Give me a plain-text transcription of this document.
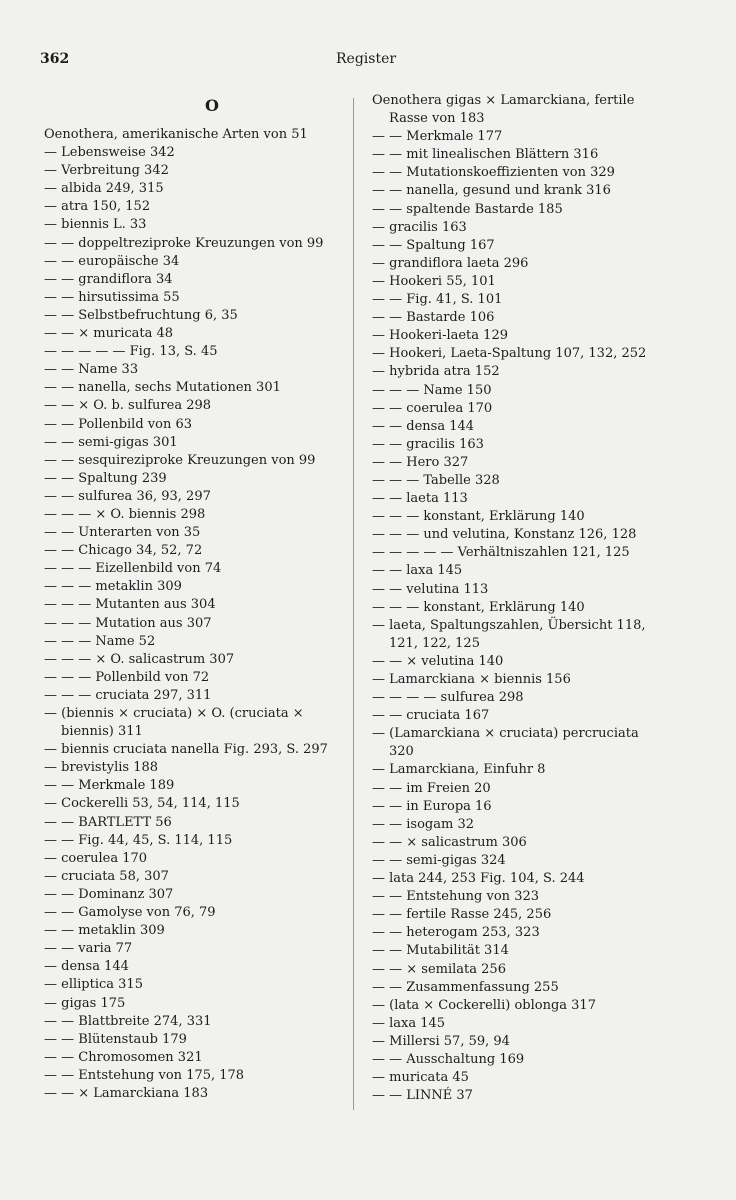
362	Register
O
Oenothera, amerikanische Arten von 51
— Lebensweise 342
— Verbreitung 342
— albida 249, 315
— atra 150, 152
— biennis L. 33
— — doppeltreziproke Kreuzungen von 99
— — europäische 34
— — grandiflora 34
— — hirsutissima 55
— — Selbstbefruchtung 6, 35
— — × muricata 48
— — — — — Fig. 13, S. 45
— — Name 33
— — nanella, sechs Mutationen 301
— — × O. b. sulfurea 298
— — Pollenbild von 63
— — semi-gigas 301
— — sesquireziproke Kreuzungen von 99
— — Spaltung 239
— — sulfurea 36, 93, 297
— — — × O. biennis 298
— — Unterarten von 35
— — Chicago 34, 52, 72
— — — Eizellenbild von 74
— — — metaklin 309
— — — Mutanten aus 304
— — — Mutation aus 307
— — — Name 52
— — — × O. salicastrum 307
— — — Pollenbild von 72
— — — cruciata 297, 311
— (biennis × cruciata) × O. (cruciata ×
biennis) 311
— biennis cruciata nanella Fig. 293, S. 297
— brevistylis 188
— — Merkmale 189
— Cockerelli 53, 54, 114, 115
— — BARTLETT 56
— — Fig. 44, 45, S. 114, 115
— coerulea 170
— cruciata 58, 307
— — Dominanz 307
— — Gamolyse von 76, 79
— — metaklin 309
— — varia 77
— densa 144
— elliptica 315
— gigas 175
— — Blattbreite 274, 331
— — Blütenstaub 179
— — Chromosomen 321
— — Entstehung von 175, 178
— — × Lamarckiana 183
Oenothera gigas × Lamarckiana, fertile
Rasse von 183
— — Merkmale 177
— — mit linealischen Blättern 316
— — Mutationskoeffizienten von 329
— — nanella, gesund und krank 316
— — spaltende Bastarde 185
— gracilis 163
— — Spaltung 167
— grandiflora laeta 296
— Hookeri 55, 101
— — Fig. 41, S. 101
— — Bastarde 106
— Hookeri-laeta 129
— Hookeri, Laeta-Spaltung 107, 132, 252
— hybrida atra 152
— — — Name 150
— — coerulea 170
— — densa 144
— — gracilis 163
— — Hero 327
— — — Tabelle 328
— — laeta 113
— — — konstant, Erklärung 140
— — — und velutina, Konstanz 126, 128
— — — — — Verhältniszahlen 121, 125
— — laxa 145
— — velutina 113
— — — konstant, Erklärung 140
— laeta, Spaltungszahlen, Übersicht 118,
121, 122, 125
— — × velutina 140
— Lamarckiana × biennis 156
— — — — sulfurea 298
— — cruciata 167
— (Lamarckiana × cruciata) percruciata
320
— Lamarckiana, Einfuhr 8
— — im Freien 20
— — in Europa 16
— — isogam 32
— — × salicastrum 306
— — semi-gigas 324
— lata 244, 253 Fig. 104, S. 244
— — Entstehung von 323
— — fertile Rasse 245, 256
— — heterogam 253, 323
— — Mutabilität 314
— — × semilata 256
— — Zusammenfassung 255
— (lata × Cockerelli) oblonga 317
— laxa 145
— Millersi 57, 59, 94
— — Ausschaltung 169
— muricata 45
— — LINNÉ 37
